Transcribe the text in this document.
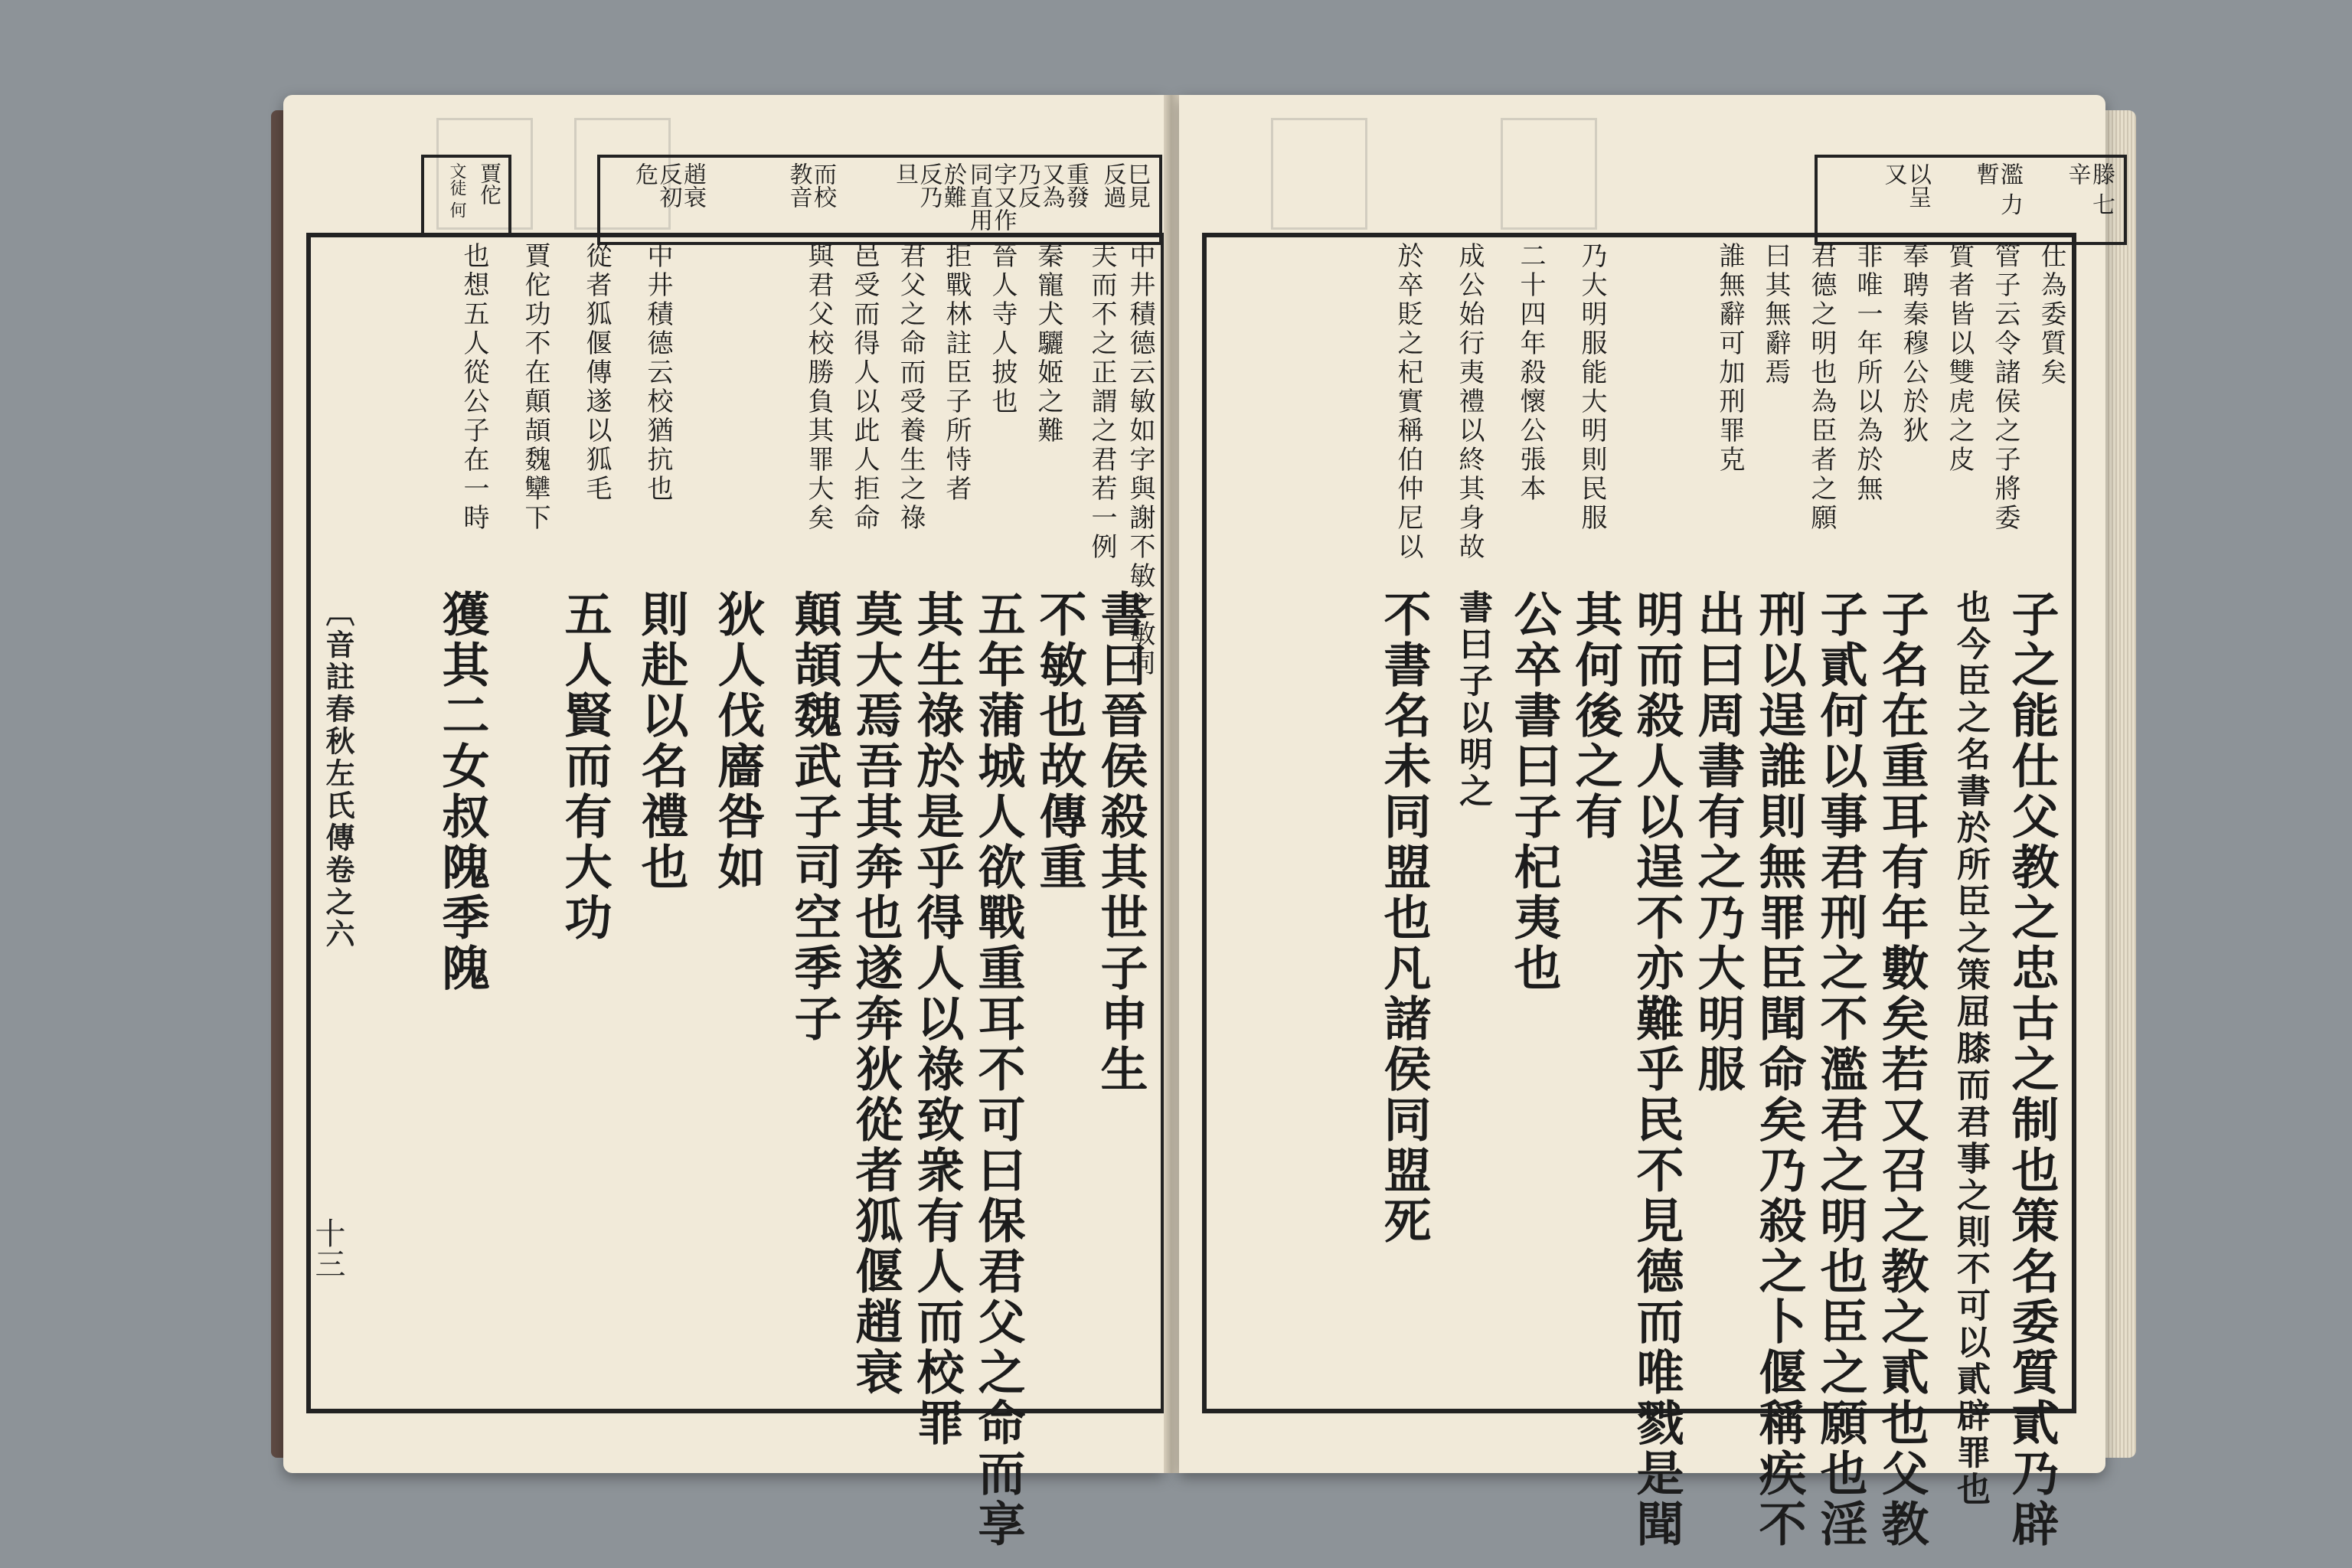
賈佗
文徒 何	巳見 反過
重發 又為 乃反 字又作 同直用
於難 反乃 旦
而校 教音
趙衰 反初 危
中井積德云敏如字與謝不敏之敏同
夫而不之正謂之君若一例
秦寵犬驪姬之難
晉人寺人披也
拒戰林註臣子所恃者
君父之命而受養生之祿
邑受而得人以此人拒命
與君父校勝負其罪大矣
中井積德云校猶抗也
從者狐偃傳遂以狐毛
賈佗功不在顛頡魏犫下
也想五人從公子在一時
則赴以名禮也	書曰晉侯殺其世子申生
不敏也故傳重
五年蒲城人欲戰重耳不可曰保君父之命而享
其生祿於是乎得人以祿致衆有人而校罪
莫大焉吾其奔也遂奔狄從者狐偃趙衰
顛頡魏武子司空季子
獲其二女叔隗季隗	狄人伐廧咎如
五人賢而有大功
〔音註春秋左氏傳卷之六
十三
滕 七辛
濫 力暫
以呈 又
仕為委質矣
管子云令諸侯之子將委
質者皆以雙虎之皮
奉聘秦穆公於狄
非唯一年所以為於無
君德之明也為臣者之願
曰其無辭焉
誰無辭可加刑罪克
乃大明服能大明則民服
二十四年殺懷公張本
成公始行夷禮以終其身故
於卒貶之杞實稱伯仲尼以
子之能仕父教之忠古之制也策名委質貳乃辟
也今臣之名書於所臣之策屈膝而君事之則不可以貳辟罪也
子名在重耳有年數矣若又召之教之貳也父教
子貳何以事君刑之不濫君之明也臣之願也淫
刑以逞誰則無罪臣聞命矣乃殺之卜偃稱疾不
出曰周書有之乃大明服
明而殺人以逞不亦難乎民不見德而唯戮是聞
其何後之有
公卒書曰子杞夷也
書曰子以明之
不書名未同盟也凡諸侯同盟死
